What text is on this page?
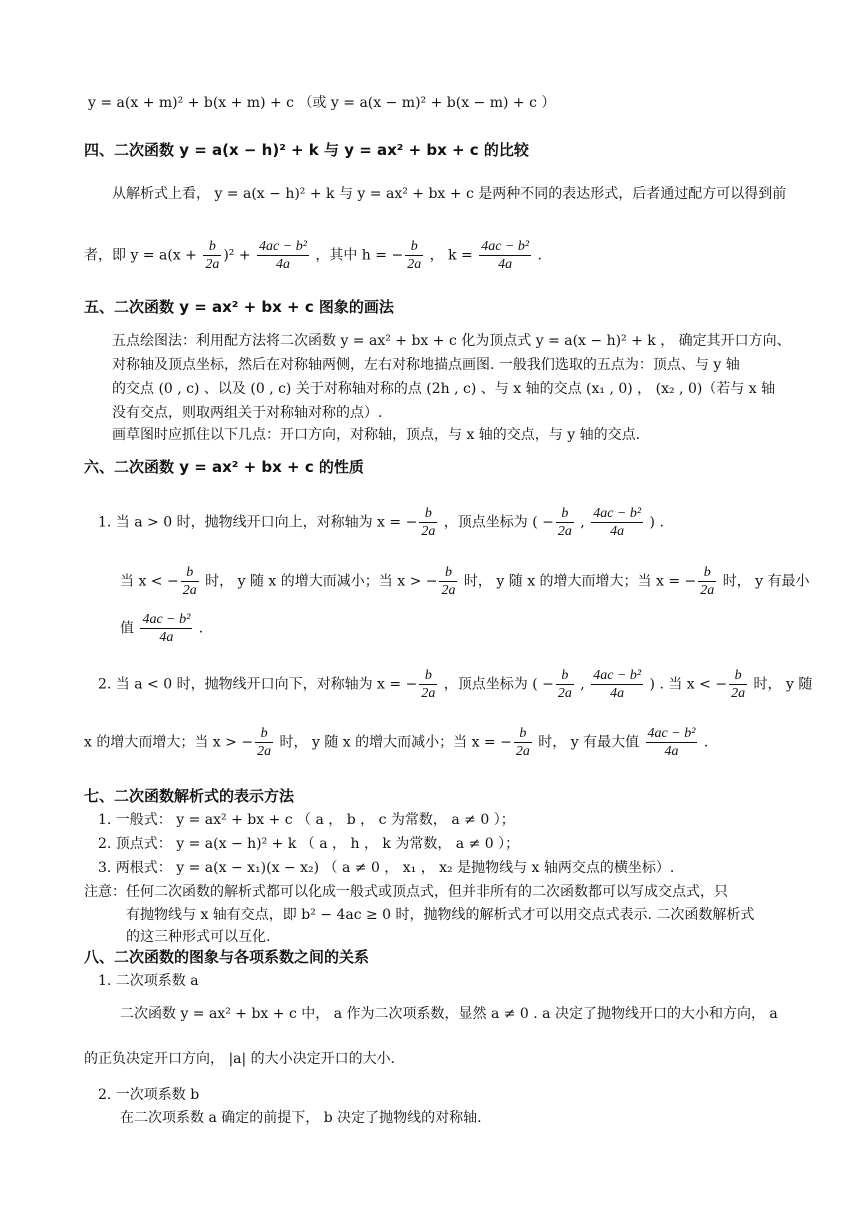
y = a(x + m)² + b(x + m) + c （或 y = a(x − m)² + b(x − m) + c ）
四、二次函数 y = a(x − h)² + k 与 y = ax² + bx + c 的比较
从解析式上看， y = a(x − h)² + k 与 y = ax² + bx + c 是两种不同的表达形式，后者通过配方可以得到前
者，即 $y = a(x + \frac{b}{2a} )^2 + \frac{\text{4ac − b²}}{4a}$ ，其中 h = − $\frac{b}{2a}$ ， $k = \frac{\text{4ac − b²}}{4a}$ .
五、二次函数 y = ax² + bx + c 图象的画法
五点绘图法：利用配方法将二次函数 y = ax² + bx + c 化为顶点式 y = a(x − h)² + k ， 确定其开口方向、
对称轴及顶点坐标，然后在对称轴两侧，左右对称地描点画图. 一般我们选取的五点为：顶点、与 y 轴
的交点 (0 , c) 、以及 (0 , c) 关于对称轴对称的点 (2h , c) 、与 x 轴的交点 (x₁ , 0) ， (x₂ , 0)（若与 x 轴
没有交点，则取两组关于对称轴对称的点）.
画草图时应抓住以下几点：开口方向，对称轴，顶点，与 x 轴的交点，与 y 轴的交点.
六、二次函数 y = ax² + bx + c 的性质
1. 当 a > 0 时，抛物线开口向上，对称轴为 x = − $\frac{b}{2a}$ ，顶点坐标为 ( − $\frac{b}{2a}$ , $\frac{\text{4ac − b²}}{4a}$ ) .
当 x < − $\frac{b}{2a}$ 时， y 随 x 的增大而减小；当 x > − $\frac{b}{2a}$ 时， y 随 x 的增大而增大；当 x = − $\frac{b}{2a}$ 时， y 有最小
值 $\frac{\text{4ac − b²}}{4a}$ .
2. 当 a < 0 时，抛物线开口向下，对称轴为 x = − $\frac{b}{2a}$ ，顶点坐标为 ( − $\frac{b}{2a}$ , $\frac{\text{4ac − b²}}{4a}$ ) . 当 x < − $\frac{b}{2a}$ 时， y 随
x 的增大而增大；当 x > − $\frac{b}{2a}$ 时， y 随 x 的增大而减小；当 x = − $\frac{b}{2a}$ 时， y 有最大值 $\frac{\text{4ac − b²}}{4a}$ .
七、二次函数解析式的表示方法
1. 一般式： y = ax² + bx + c （ a ， b ， c 为常数， a ≠ 0 ）；
2. 顶点式： y = a(x − h)² + k （ a ， h ， k 为常数， a ≠ 0 ）；
3. 两根式： y = a(x − x₁)(x − x₂) （ a ≠ 0 ， x₁ ， x₂ 是抛物线与 x 轴两交点的横坐标）.
注意：任何二次函数的解析式都可以化成一般式或顶点式，但并非所有的二次函数都可以写成交点式，只
有抛物线与 x 轴有交点，即 b² − 4ac ≥ 0 时，抛物线的解析式才可以用交点式表示. 二次函数解析式
的这三种形式可以互化.
八、二次函数的图象与各项系数之间的关系
1. 二次项系数 a
二次函数 y = ax² + bx + c 中， a 作为二次项系数，显然 a ≠ 0 . a 决定了抛物线开口的大小和方向， a
的正负决定开口方向， |a| 的大小决定开口的大小.
2. 一次项系数 b
在二次项系数 a 确定的前提下， b 决定了抛物线的对称轴.
